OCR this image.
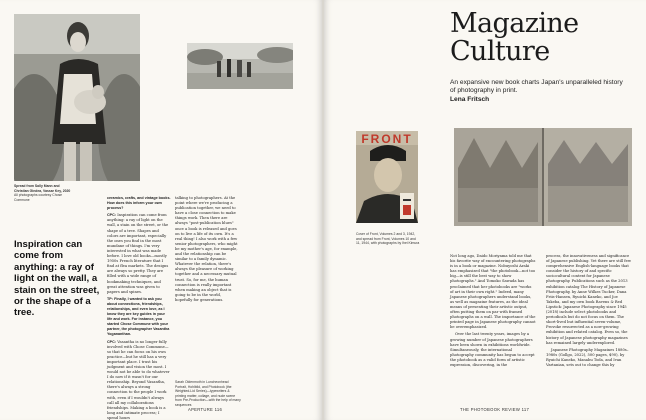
Spread from Sally Mann and Christian Gindea, Vassar Key, 2020
All photographs courtesy Chose Commune
Inspiration can come from anything: a ray of light on the wall, a stain on the street, or the shape of a tree.

ceramics, crafts, and vintage books. How does this inform your own process?

CPC: Inspiration can come from anything: a ray of light on the wall, a stain on the street, or the shape of a tree. Shapes and colors are important, especially the ones you find in the most mundane of things. I'm very interested in what was made before. I love old books—mostly 1950s French literature that I find at flea markets. The designs are always so pretty. They are filled with a wide range of bookmaking techniques, and great attention was given to papers and spines.

TP: Finally, I wanted to ask you about connections, friendships, relationships, and even love, as I know they are key guides in your life and work. For instance, you started Chose Commune with your partner, the photographer Vasantha Yogananthan.

CPC: Vasantha is no longer fully involved with Chose Commune—so that he can focus on his own practice—but he still has a very important place. I trust his judgment and vision the most. I would not be able to do whatever I do now if it wasn't for our relationship. Beyond Vasantha, there's always a strong connection to the people I work with, even if I wouldn't always call all my collaborations friendships. Making a book is a long and intimate process; I spend hours

talking to photographers. At the point where we're producing a publication together, we need to have a close connection to make things work. Then there are always "post-publication blues" once a book is released and goes on to live a life of its own. It's a real thing! I also work with a few senior photographers, who might be my mother's age, for example, and the relationship can be similar to a family dynamic. Whatever the relation, there's always the pleasure of working together and a necessary mutual trust. So, for me, the human connection is really important when making an object that is going to be in the world, hopefully for generations.

Sarah Oldenmoth in Luncheonhead Portrait, Hohlbild, and Photobook (the Weighted-Lid Series)—typewriters & printing matter, collage, and nude scene from Pre-Production—with the help of many sequences
APERTURE 116
Magazine
Culture
An expansive new book charts Japan's unparalleled history of photography in print.
Lena Fritsch
FRONT
Cover of Front, Volumes 2 and 3, 1942, and spread from Front, Volumes 10 and 11, 1944, with photographs by Ihei Kimura

Not long ago, Daido Moriyama told me that his favorite way of encountering photographs is in a book or magazine. Nobuyoshi Araki has emphasized that "the photobook—not too big—is still the best way to show photographs." And Tomoko Sawada has proclaimed that her photobooks are "works of art in their own right." Indeed, many Japanese photographers understand books, as well as magazine features, as the ideal means of presenting their artistic output, often putting them on par with framed photographs on a wall. The importance of the printed page in Japanese photography cannot be overemphasized.

Over the last twenty years, images by a growing number of Japanese photographers have been shown in exhibitions worldwide. Simultaneously, the international photography community has begun to accept the photobook as a valid form of artistic expression, discovering, in the

process, the innovativeness and significance of Japanese publishing. Yet there are still few comprehensive English-language books that consider the history of and specific sociocultural context for Japanese photography. Publications such as the 2013 exhibition catalog The History of Japanese Photography, by Anne Wilkes Tucker, Dana Friis-Hansen, Ryuichi Kaneko, and Joe Takeba, and my own book Ravens & Red Lipstick: Japanese Photography since 1945 (2018) include select photobooks and periodicals but do not focus on them. The short-lived but influential seven-volume, Provoke resurrected as a now-growing exhibition and related catalog. Even so, the history of Japanese photography magazines has remained largely underexplored.

Japanese Photography Magazines 1880s–1980s (Gollgo, 2022), 500 pages, $90), by Ryuichi Kaneko, Manabu Toda, and Ivan Vartanian, sets out to change this by

THE PHOTOBOOK REVIEW 117
